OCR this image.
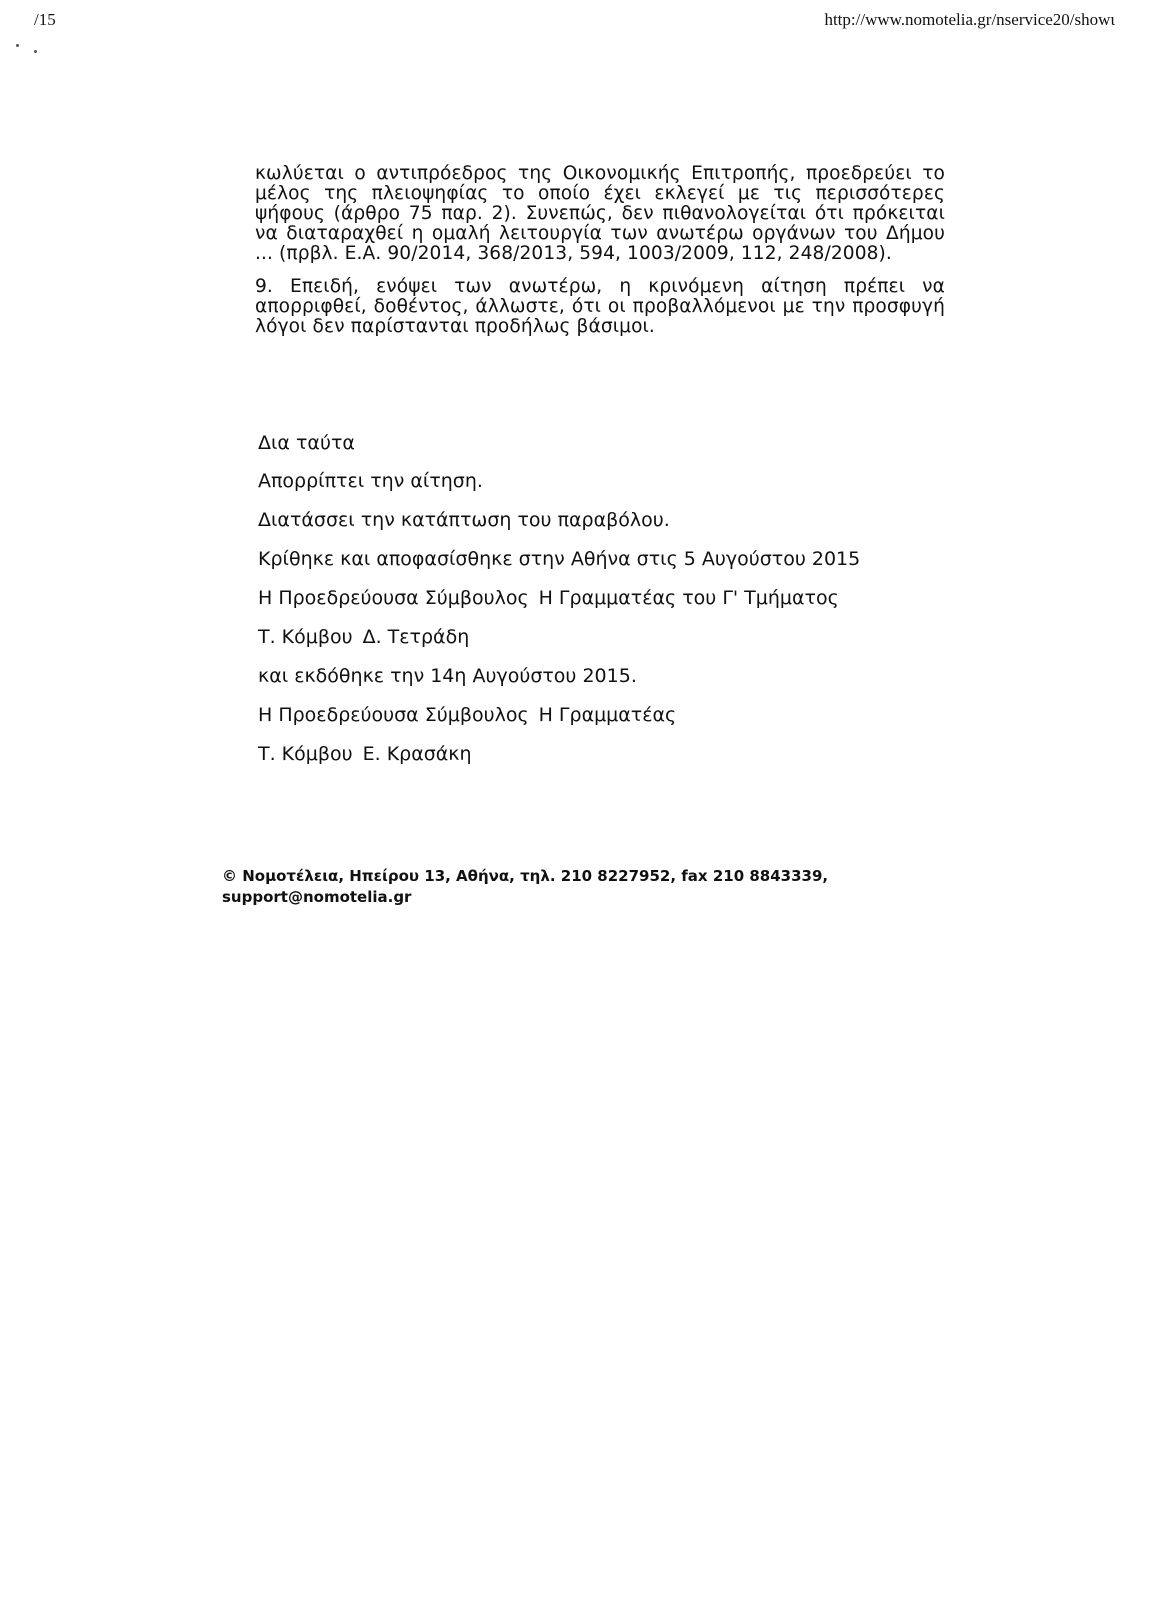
/15	http://www.nomotelia.gr/nservice20/showι

κωλύεται ο αντιπρόεδρος της Οικονομικής Επιτροπής, προεδρεύει το μέλος της πλειοψηφίας το οποίο έχει εκλεγεί με τις περισσότερες ψήφους (άρθρο 75 παρ. 2). Συνεπώς, δεν πιθανολογείται ότι πρόκειται να διαταραχθεί η ομαλή λειτουργία των ανωτέρω οργάνων του Δήμου ... (πρβλ. Ε.Α. 90/2014, 368/2013, 594, 1003/2009, 112, 248/2008).

9. Επειδή, ενόψει των ανωτέρω, η κρινόμενη αίτηση πρέπει να απορριφθεί, δοθέντος, άλλωστε, ότι οι προβαλλόμενοι με την προσφυγή λόγοι δεν παρίστανται προδήλως βάσιμοι.

Δια ταύτα
Απορρίπτει την αίτηση.
Διατάσσει την κατάπτωση του παραβόλου.
Κρίθηκε και αποφασίσθηκε στην Αθήνα στις 5 Αυγούστου 2015
Η Προεδρεύουσα Σύμβουλος Η Γραμματέας του Γ' Τμήματος
Τ. Κόμβου Δ. Τετράδη
και εκδόθηκε την 14η Αυγούστου 2015.
Η Προεδρεύουσα Σύμβουλος Η Γραμματέας
Τ. Κόμβου Ε. Κρασάκη
© Νομοτέλεια, Ηπείρου 13, Αθήνα, τηλ. 210 8227952, fax 210 8843339,
support@nomotelia.gr
